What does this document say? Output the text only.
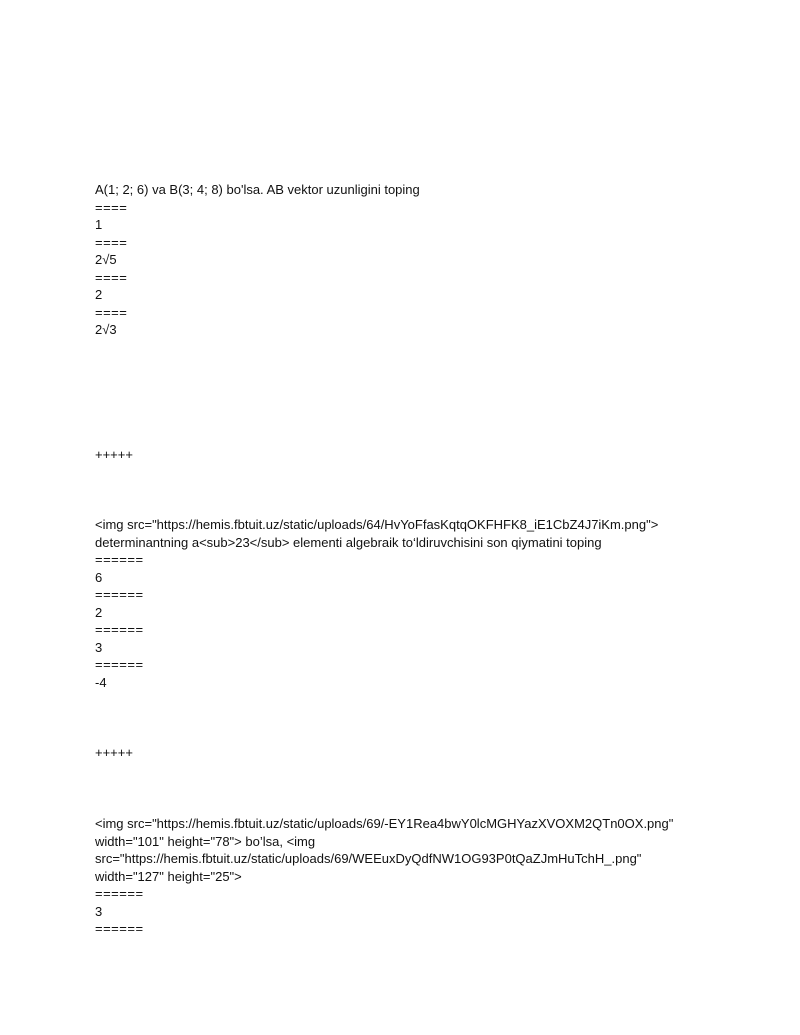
A(1; 2; 6) va B(3; 4; 8) bo'lsa. AB vektor uzunligini toping

====

1

====

2√5

====

2

====

2√3

+++++

<img src="https://hemis.fbtuit.uz/static/uploads/64/HvYoFfasKqtqOKFHFK8_iE1CbZ4J7iKm.png">

determinantning a<sub>23</sub> elementi algebraik to‘ldiruvchisini son qiymatini toping

======

6

======

2

======

3

======

-4

+++++

<img src="https://hemis.fbtuit.uz/static/uploads/69/-EY1Rea4bwY0lcMGHYazXVOXM2QTn0OX.png"

width="101" height="78"> bo’lsa, <img

src="https://hemis.fbtuit.uz/static/uploads/69/WEEuxDyQdfNW1OG93P0tQaZJmHuTchH_.png"

width="127" height="25">

======

3

======
